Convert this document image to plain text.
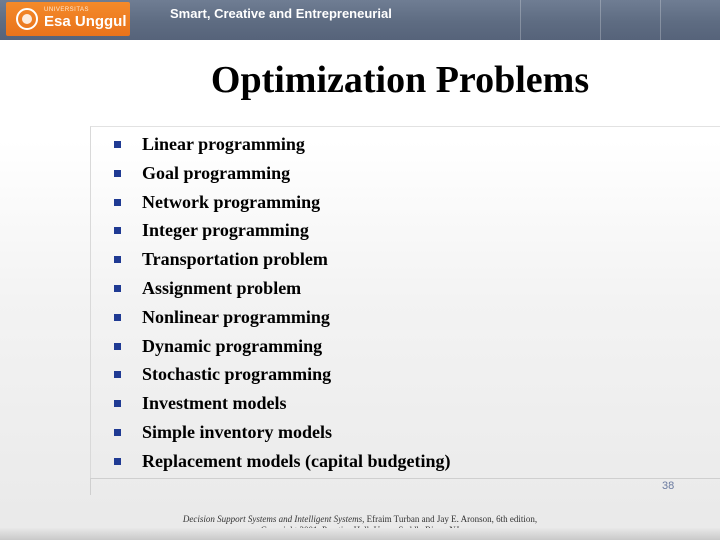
UNIVERSITAS
Esa Unggul	Smart, Creative and Entrepreneurial
Optimization Problems
Linear programming
Goal programming
Network programming
Integer programming
Transportation problem
Assignment problem
Nonlinear programming
Dynamic programming
Stochastic programming
Investment models
Simple inventory models
Replacement models (capital budgeting)
38
Decision Support Systems and Intelligent Systems, Efraim Turban and Jay E. Aronson, 6th edition,
